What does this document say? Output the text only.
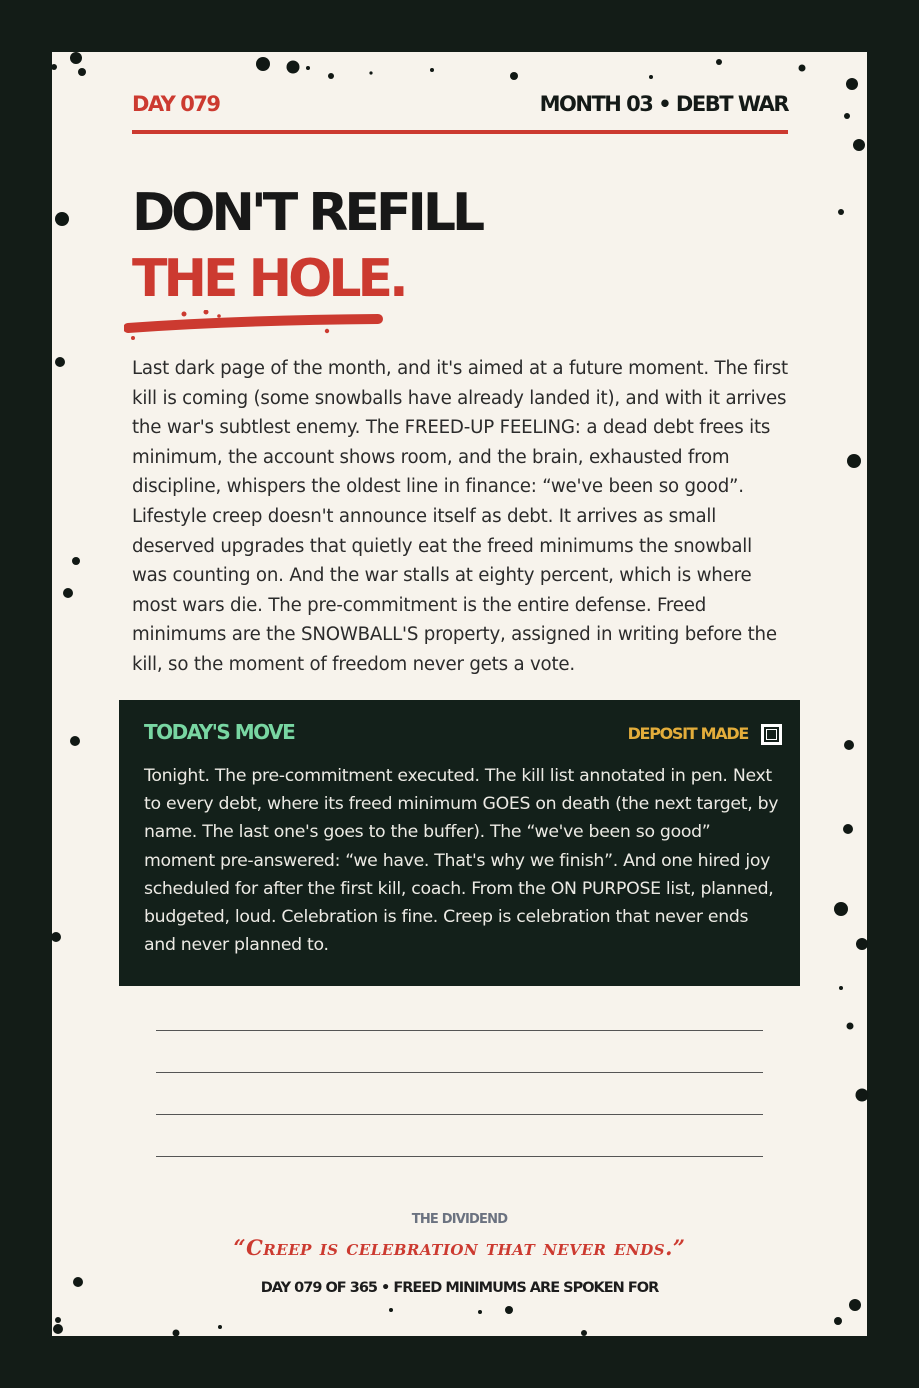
DAY 079	MONTH 03 • DEBT WAR
DON'T REFILL
THE HOLE.

Last dark page of the month, and it's aimed at a future moment. The first kill is coming (some snowballs have already landed it), and with it arrives the war's subtlest enemy. The FREED-UP FEELING: a dead debt frees its minimum, the account shows room, and the brain, exhausted from discipline, whispers the oldest line in finance: “we've been so good”. Lifestyle creep doesn't announce itself as debt. It arrives as small deserved upgrades that quietly eat the freed minimums the snowball was counting on. And the war stalls at eighty percent, which is where most wars die. The pre-commitment is the entire defense. Freed minimums are the SNOWBALL'S property, assigned in writing before the kill, so the moment of freedom never gets a vote.

TODAY'S MOVE	DEPOSIT MADE

Tonight. The pre-commitment executed. The kill list annotated in pen. Next to every debt, where its freed minimum GOES on death (the next target, by name. The last one's goes to the buffer). The “we've been so good” moment pre-answered: “we have. That's why we finish”. And one hired joy scheduled for after the first kill, coach. From the ON PURPOSE list, planned, budgeted, loud. Celebration is fine. Creep is celebration that never ends and never planned to.

THE DIVIDEND
“Creep is celebration that never ends.”
DAY 079 OF 365 • FREED MINIMUMS ARE SPOKEN FOR
